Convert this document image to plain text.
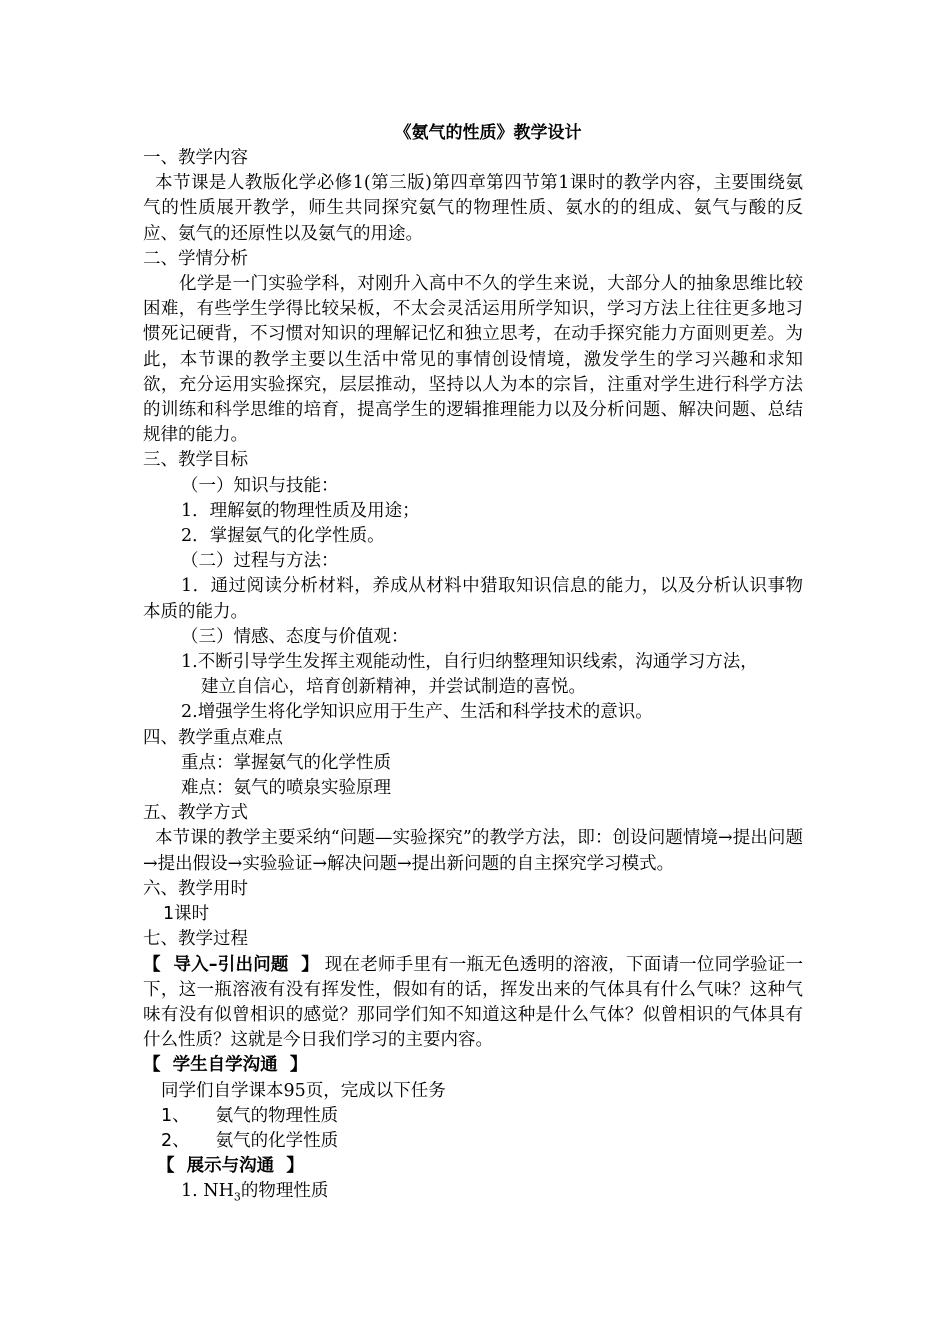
《氨气的性质》教学设计

一、教学内容

本节课是人教版化学必修1(第三版)第四章第四节第1课时的教学内容，主要围绕氨气的性质展开教学，师生共同探究氨气的物理性质、氨水的的组成、氨气与酸的反应、氨气的还原性以及氨气的用途。

二、学情分析

化学是一门实验学科，对刚升入高中不久的学生来说，大部分人的抽象思维比较困难，有些学生学得比较呆板，不太会灵活运用所学知识，学习方法上往往更多地习惯死记硬背，不习惯对知识的理解记忆和独立思考，在动手探究能力方面则更差。为此，本节课的教学主要以生活中常见的事情创设情境，激发学生的学习兴趣和求知欲，充分运用实验探究，层层推动，坚持以人为本的宗旨，注重对学生进行科学方法的训练和科学思维的培育，提高学生的逻辑推理能力以及分析问题、解决问题、总结规律的能力。

三、教学目标

（一）知识与技能：

1．理解氨的物理性质及用途；

2．掌握氨气的化学性质。

（二）过程与方法：

1．通过阅读分析材料，养成从材料中猎取知识信息的能力，以及分析认识事物本质的能力。

（三）情感、态度与价值观：

1.不断引导学生发挥主观能动性，自行归纳整理知识线索，沟通学习方法，

建立自信心，培育创新精神，并尝试制造的喜悦。

2.增强学生将化学知识应用于生产、生活和科学技术的意识。

四、教学重点难点

重点：掌握氨气的化学性质

难点：氨气的喷泉实验原理

五、教学方式

本节课的教学主要采纳“问题—实验探究”的教学方法，即：创设问题情境→提出问题→提出假设→实验验证→解决问题→提出新问题的自主探究学习模式。

六、教学用时

1课时

七、教学过程

【  导入–引出问题  】 现在老师手里有一瓶无色透明的溶液，下面请一位同学验证一下，这一瓶溶液有没有挥发性，假如有的话，挥发出来的气体具有什么气味？这种气味有没有似曾相识的感觉？那同学们知不知道这种是什么气体？似曾相识的气体具有什么性质？这就是今日我们学习的主要内容。

【  学生自学沟通  】

同学们自学课本95页，完成以下任务

1、 氨气的物理性质

2、 氨气的化学性质

【  展示与沟通  】

1. $NH_3$的物理性质
